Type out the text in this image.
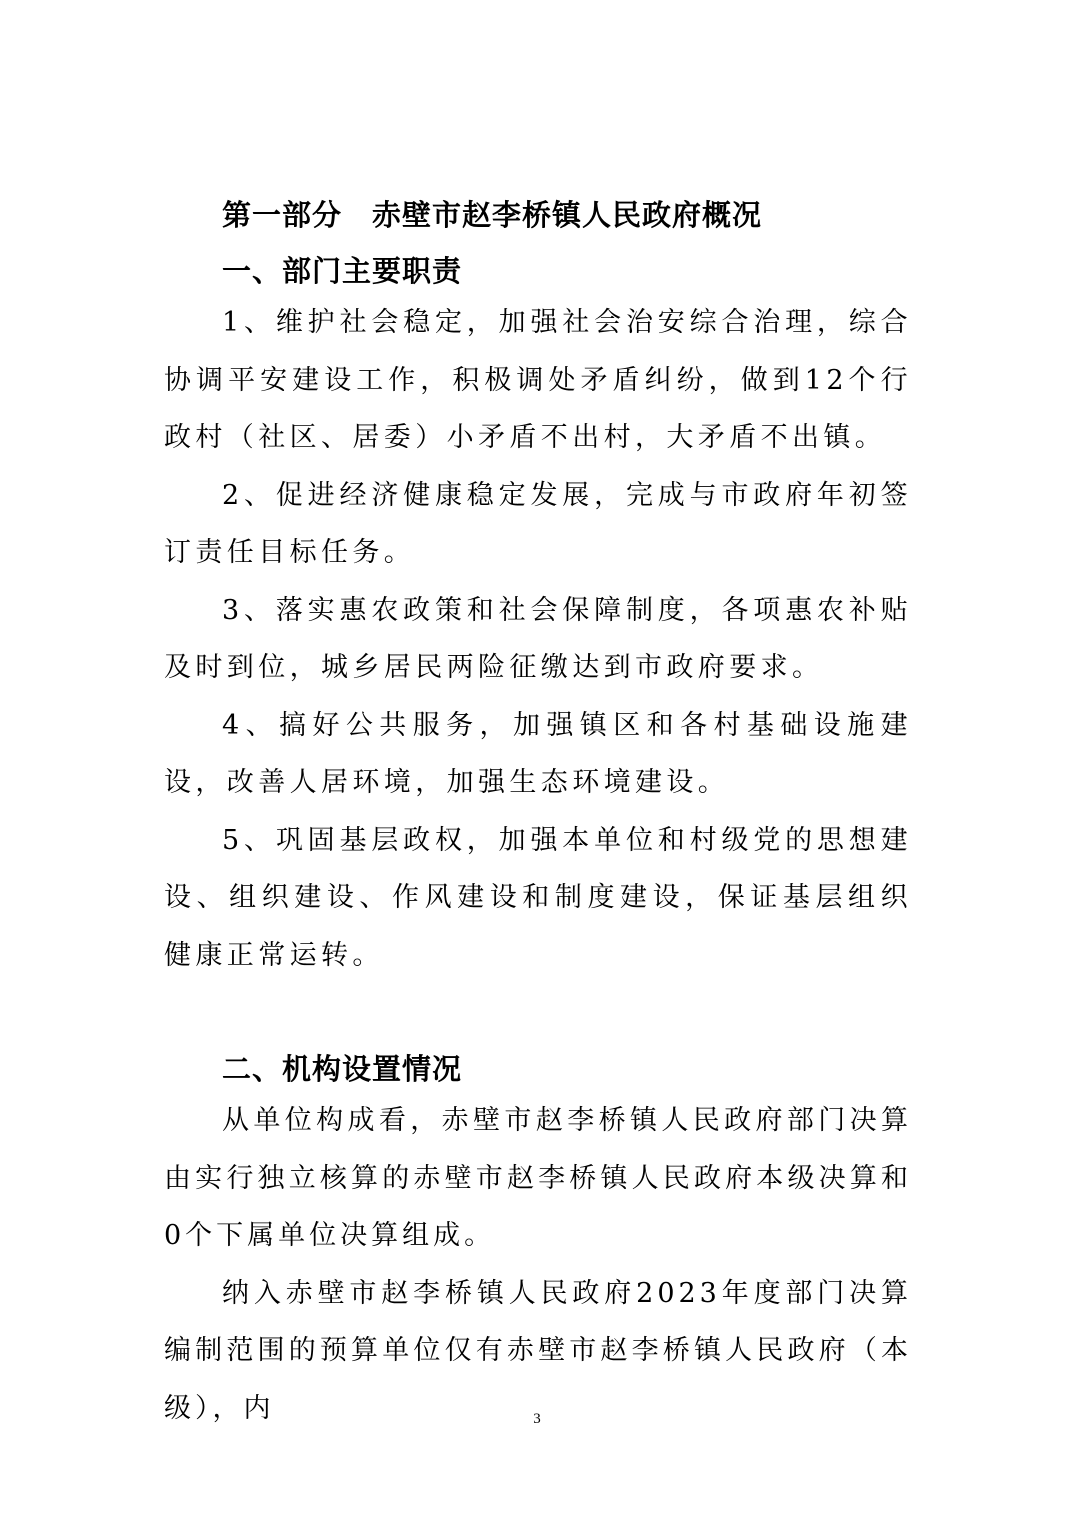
第一部分　赤壁市赵李桥镇人民政府概况
一、部门主要职责

1、维护社会稳定，加强社会治安综合治理，综合协调平安建设工作，积极调处矛盾纠纷，做到12个行政村（社区、居委）小矛盾不出村，大矛盾不出镇。

2、促进经济健康稳定发展，完成与市政府年初签订责任目标任务。

3、落实惠农政策和社会保障制度，各项惠农补贴及时到位，城乡居民两险征缴达到市政府要求。

4、搞好公共服务，加强镇区和各村基础设施建设，改善人居环境，加强生态环境建设。

5、巩固基层政权，加强本单位和村级党的思想建设、组织建设、作风建设和制度建设，保证基层组织健康正常运转。

二、机构设置情况

从单位构成看，赤壁市赵李桥镇人民政府部门决算由实行独立核算的赤壁市赵李桥镇人民政府本级决算和0个下属单位决算组成。

纳入赤壁市赵李桥镇人民政府2023年度部门决算编制范围的预算单位仅有赤壁市赵李桥镇人民政府（本级），内	3
